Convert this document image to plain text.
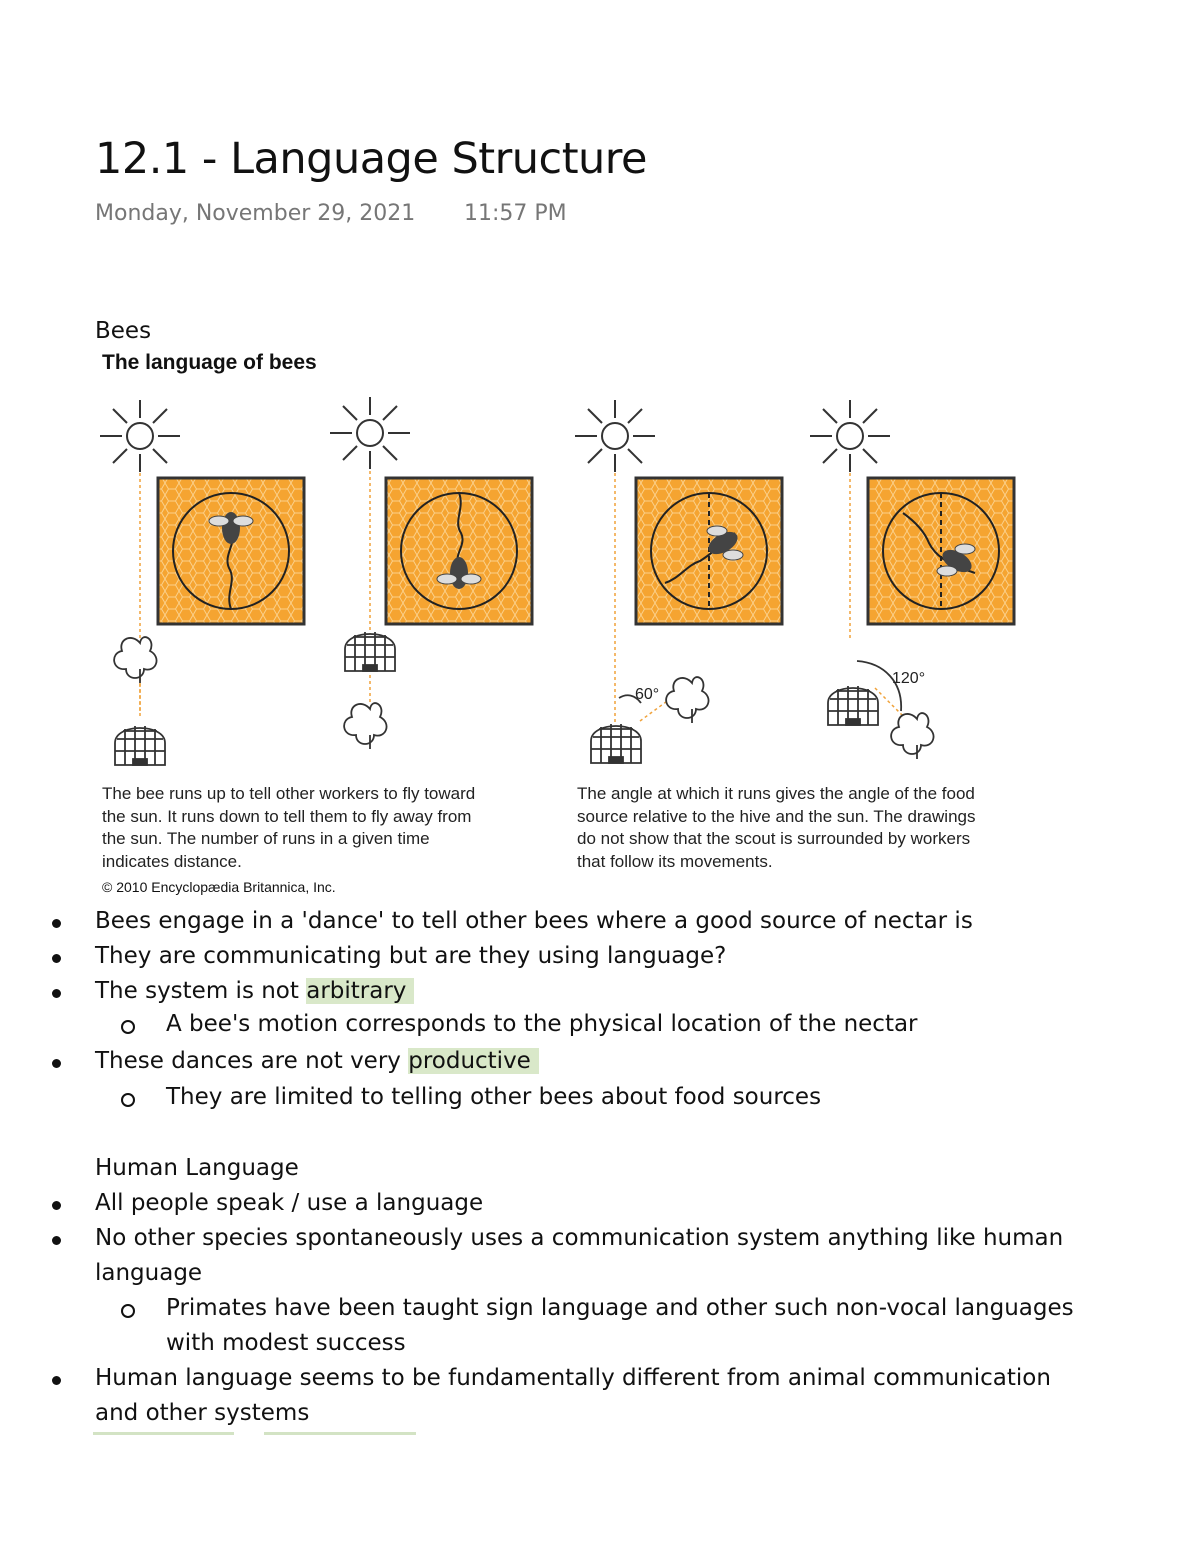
12.1 - Language Structure
Monday, November 29, 2021 11:57 PM
Bees
The language of bees
60°
120°
The bee runs up to tell other workers to fly toward
the sun. It runs down to tell them to fly away from
the sun. The number of runs in a given time
indicates distance.
The angle at which it runs gives the angle of the food
source relative to the hive and the sun. The drawings
do not show that the scout is surrounded by workers
that follow its movements.
© 2010 Encyclopædia Britannica, Inc.
Bees engage in a 'dance' to tell other bees where a good source of nectar is
They are communicating but are they using language?
The system is not arbitrary
A bee's motion corresponds to the physical location of the nectar
These dances are not very productive
They are limited to telling other bees about food sources
Human Language
All people speak / use a language
No other species spontaneously uses a communication system anything like human
language
Primates have been taught sign language and other such non-vocal languages
with modest success
Human language seems to be fundamentally different from animal communication
and other systems
